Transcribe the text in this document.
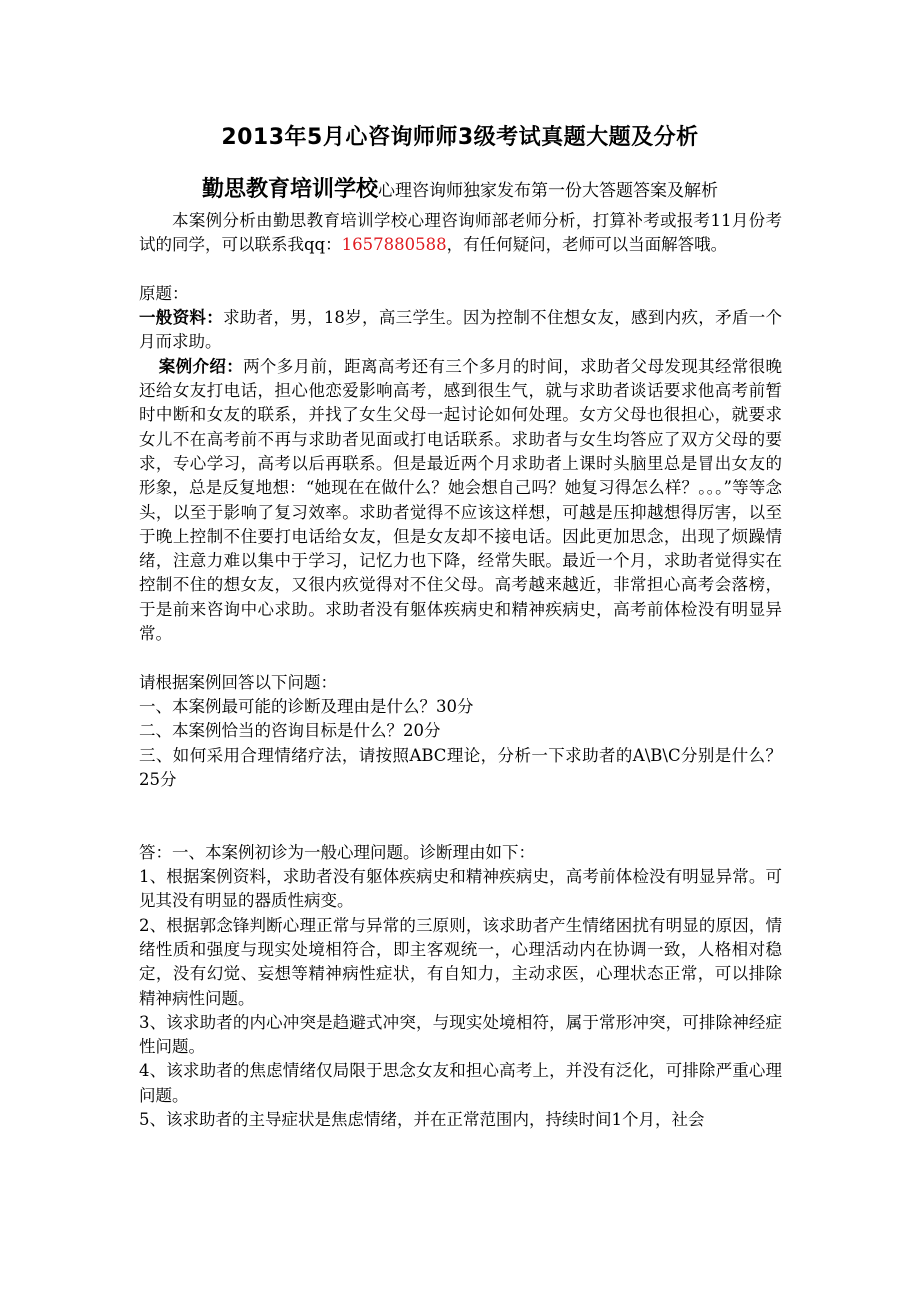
2013年5月心咨询师师3级考试真题大题及分析
勤思教育培训学校心理咨询师独家发布第一份大答题答案及解析

本案例分析由勤思教育培训学校心理咨询师部老师分析，打算补考或报考11月份考试的同学，可以联系我qq：1657880588，有任何疑问，老师可以当面解答哦。

原题：

一般资料：求助者，男，18岁，高三学生。因为控制不住想女友，感到内疚，矛盾一个月而求助。

案例介绍：两个多月前，距离高考还有三个多月的时间，求助者父母发现其经常很晚还给女友打电话，担心他恋爱影响高考，感到很生气，就与求助者谈话要求他高考前暂时中断和女友的联系，并找了女生父母一起讨论如何处理。女方父母也很担心，就要求女儿不在高考前不再与求助者见面或打电话联系。求助者与女生均答应了双方父母的要求，专心学习，高考以后再联系。但是最近两个月求助者上课时头脑里总是冒出女友的形象，总是反复地想：“她现在在做什么？她会想自己吗？她复习得怎么样？。。。”等等念头，以至于影响了复习效率。求助者觉得不应该这样想，可越是压抑越想得厉害，以至于晚上控制不住要打电话给女友，但是女友却不接电话。因此更加思念，出现了烦躁情绪，注意力难以集中于学习，记忆力也下降，经常失眠。最近一个月，求助者觉得实在控制不住的想女友，又很内疚觉得对不住父母。高考越来越近，非常担心高考会落榜，于是前来咨询中心求助。求助者没有躯体疾病史和精神疾病史，高考前体检没有明显异常。

请根据案例回答以下问题：

一、本案例最可能的诊断及理由是什么？30分

二、本案例恰当的咨询目标是什么？20分

三、如何采用合理情绪疗法，请按照ABC理论，分析一下求助者的A\B\C分别是什么？25分

答：一、本案例初诊为一般心理问题。诊断理由如下：

1、根据案例资料，求助者没有躯体疾病史和精神疾病史，高考前体检没有明显异常。可见其没有明显的器质性病变。

2、根据郭念锋判断心理正常与异常的三原则，该求助者产生情绪困扰有明显的原因，情绪性质和强度与现实处境相符合，即主客观统一，心理活动内在协调一致，人格相对稳定，没有幻觉、妄想等精神病性症状，有自知力，主动求医，心理状态正常，可以排除精神病性问题。

3、该求助者的内心冲突是趋避式冲突，与现实处境相符，属于常形冲突，可排除神经症性问题。

4、该求助者的焦虑情绪仅局限于思念女友和担心高考上，并没有泛化，可排除严重心理问题。

5、该求助者的主导症状是焦虑情绪，并在正常范围内，持续时间1个月，社会
